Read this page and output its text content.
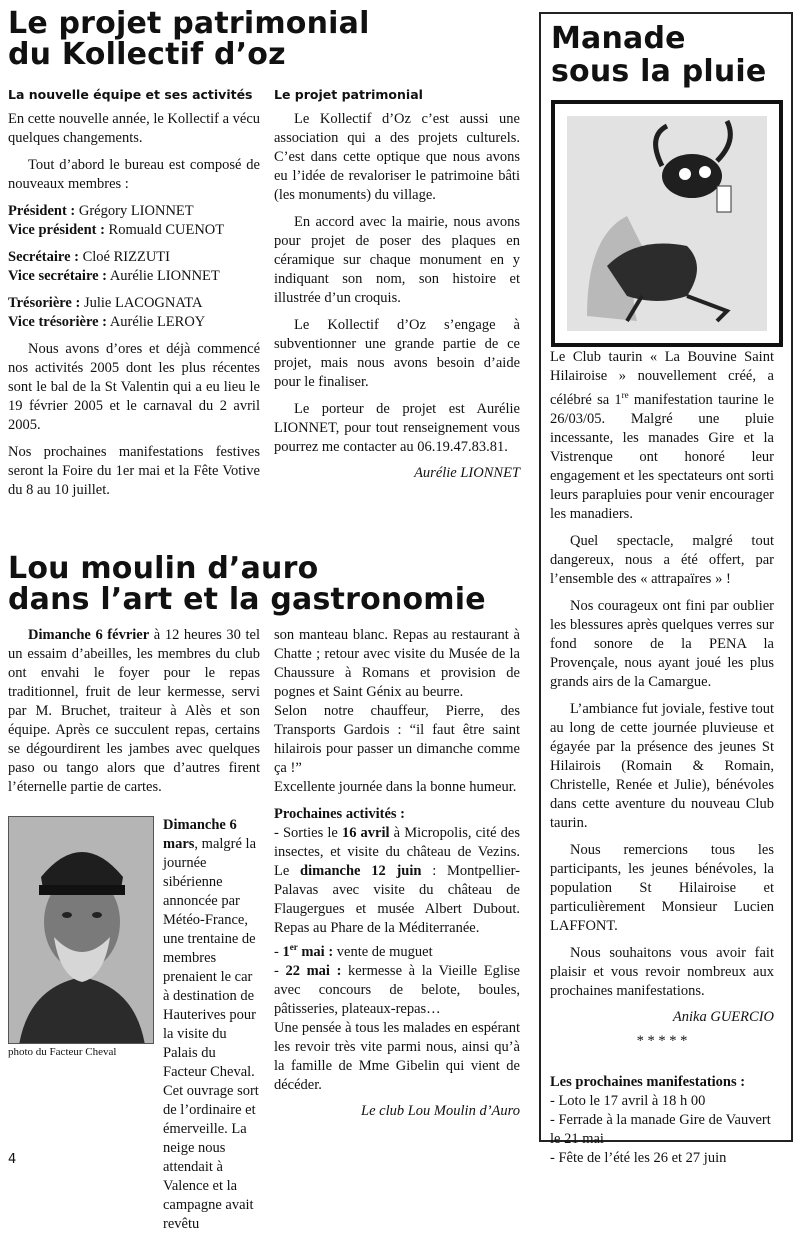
Le projet patrimonial
du Kollectif d’oz
La nouvelle équipe et ses activités

En cette nouvelle année, le Kollectif a vécu quelques changements.

Tout d’abord le bureau est composé de nouveaux membres :

Président : Grégory LIONNET
Vice président : Romuald CUENOT
Secrétaire : Cloé RIZZUTI
Vice secrétaire : Aurélie LIONNET
Trésorière : Julie LACOGNATA
Vice trésorière : Aurélie LEROY

Nous avons d’ores et déjà commencé nos activités 2005 dont les plus récentes sont le bal de la St Valentin qui a eu lieu le 19 février 2005 et le carnaval du 2 avril 2005.

Nos prochaines manifestations festives seront la Foire du 1er mai et la Fête Votive du 8 au 10 juillet.

Le projet patrimonial

Le Kollectif d’Oz c’est aussi une association qui a des projets culturels. C’est dans cette optique que nous avons eu l’idée de revaloriser le patrimoine bâti (les monuments) du village.

En accord avec la mairie, nous avons pour projet de poser des plaques en céramique sur chaque monument en y indiquant son nom, son histoire et illustrée d’un croquis.

Le Kollectif d’Oz s’engage à subventionner une grande partie de ce projet, mais nous avons besoin d’aide pour le finaliser.

Le porteur de projet est Aurélie LIONNET, pour tout renseignement vous pourrez me contacter au 06.19.47.83.81.

Aurélie LIONNET
Lou moulin d’auro
dans l’art et la gastronomie

Dimanche 6 février à 12 heures 30 tel un essaim d’abeilles, les membres du club ont envahi le foyer pour le repas traditionnel, fruit de leur kermesse, servi par M. Bruchet, traiteur à Alès et son équipe. Après ce succulent repas, certains se dégourdirent les jambes avec quelques paso ou tango alors que d’autres firent l’éternelle partie de cartes.

photo du Facteur Cheval

Dimanche 6 mars, malgré la journée sibérienne annoncée par Météo-France, une trentaine de membres prenaient le car à destination de Hauterives pour la visite du Palais du Facteur Cheval. Cet ouvrage sort de l’ordinaire et émerveille. La neige nous attendait à Valence et la campagne avait revêtu

son manteau blanc. Repas au restaurant à Chatte ; retour avec visite du Musée de la Chaussure à Romans et provision de pognes et Saint Génix au beurre.

Selon notre chauffeur, Pierre, des Transports Gardois : “il faut être saint hilairois pour passer un dimanche comme ça !”

Excellente journée dans la bonne humeur.

Prochaines activités :

- Sorties le 16 avril à Micropolis, cité des insectes, et visite du château de Vezins. Le dimanche 12 juin : Montpellier-Palavas avec visite du château de Flaugergues et musée Albert Dubout. Repas au Phare de la Méditerranée.

- 1er mai : vente de muguet

- 22 mai : kermesse à la Vieille Eglise avec concours de belote, boules, pâtisseries, plateaux-repas…

Une pensée à tous les malades en espérant les revoir très vite parmi nous, ainsi qu’à la famille de Mme Gibelin qui vient de décéder.

Le club Lou Moulin d’Auro
Manade
sous la pluie

Le Club taurin « La Bouvine Saint Hilairoise » nouvellement créé, a célébré sa 1re manifestation taurine le 26/03/05. Malgré une pluie incessante, les manades Gire et la Vistrenque ont honoré leur engagement et les spectateurs ont sorti leurs parapluies pour venir encourager les manadiers.

Quel spectacle, malgré tout dangereux, nous a été offert, par l’ensemble des « attrapaïres » !

Nos courageux ont fini par oublier les blessures après quelques verres sur fond sonore de la PENA la Provençale, nous ayant joué les plus grands airs de la Camargue.

L’ambiance fut joviale, festive tout au long de cette journée pluvieuse et égayée par la présence des jeunes St Hilairois (Romain & Romain, Christelle, Renée et Julie), bénévoles dans cette aventure du nouveau Club taurin.

Nous remercions tous les participants, les jeunes bénévoles, la population St Hilairoise et particulièrement Monsieur Lucien LAFFONT.

Nous souhaitons vous avoir fait plaisir et vous revoir nombreux aux prochaines manifestations.

Anika GUERCIO
* * * * *
Les prochaines manifestations :
- Loto le 17 avril à 18 h 00
- Ferrade à la manade Gire de Vauvert le 21 mai
- Fête de l’été les 26 et 27 juin
4
